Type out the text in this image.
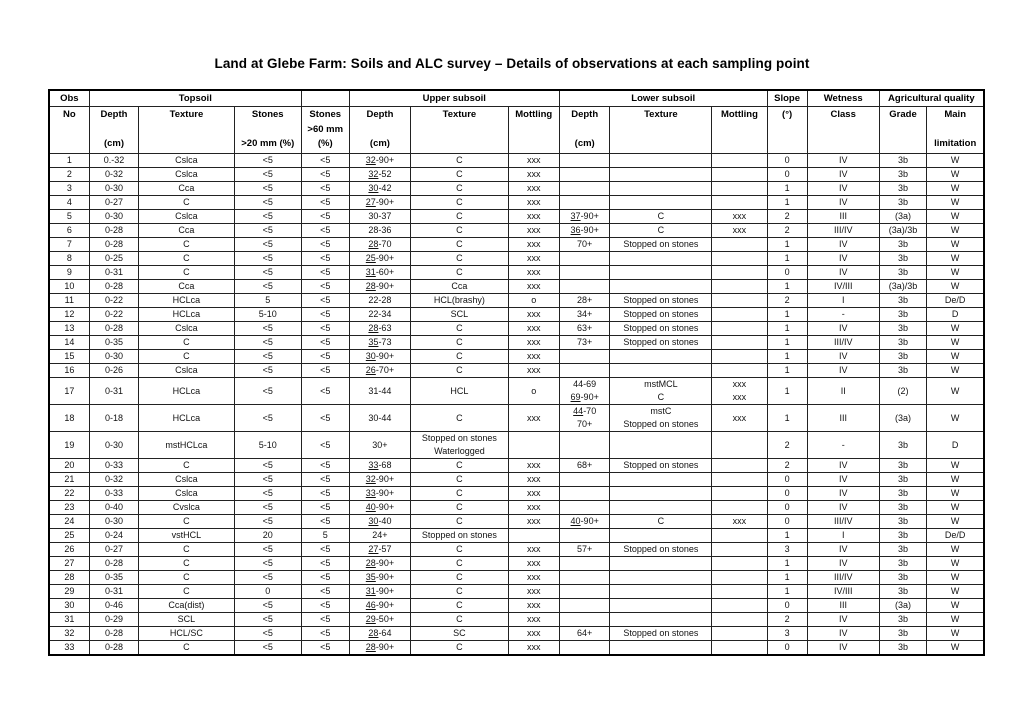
Land at Glebe Farm: Soils and ALC survey – Details of observations at each sampling point
Obs	Topsoil				Upper subsoil			Lower subsoil			Slope	Wetness	Agricultural quality	
No	Depth

(cm)	Texture	Stones

>20 mm (%)	Stones
>60 mm
(%)	Depth

(cm)	Texture	Mottling	Depth

(cm)	Texture	Mottling	(°)	Class	Grade	Main

limitation
1	0.-32	Cslca	<5	<5	32-90+	C	xxx				0	IV	3b	W
2	0-32	Cslca	<5	<5	32-52	C	xxx				0	IV	3b	W
3	0-30	Cca	<5	<5	30-42	C	xxx				1	IV	3b	W
4	0-27	C	<5	<5	27-90+	C	xxx				1	IV	3b	W
5	0-30	Cslca	<5	<5	30-37	C	xxx	37-90+	C	xxx	2	III	(3a)	W
6	0-28	Cca	<5	<5	28-36	C	xxx	36-90+	C	xxx	2	III/IV	(3a)/3b	W
7	0-28	C	<5	<5	28-70	C	xxx	70+	Stopped on stones		1	IV	3b	W
8	0-25	C	<5	<5	25-90+	C	xxx				1	IV	3b	W
9	0-31	C	<5	<5	31-60+	C	xxx				0	IV	3b	W
10	0-28	Cca	<5	<5	28-90+	Cca	xxx				1	IV/III	(3a)/3b	W
11	0-22	HCLca	5	<5	22-28	HCL(brashy)	o	28+	Stopped on stones		2	I	3b	De/D
12	0-22	HCLca	5-10	<5	22-34	SCL	xxx	34+	Stopped on stones		1	-	3b	D
13	0-28	Cslca	<5	<5	28-63	C	xxx	63+	Stopped on stones		1	IV	3b	W
14	0-35	C	<5	<5	35-73	C	xxx	73+	Stopped on stones		1	III/IV	3b	W
15	0-30	C	<5	<5	30-90+	C	xxx				1	IV	3b	W
16	0-26	Cslca	<5	<5	26-70+	C	xxx				1	IV	3b	W
17	0-31	HCLca	<5	<5	31-44	HCL	o	44-69
69-90+	mstMCL
C	xxx
xxx	1	II	(2)	W
18	0-18	HCLca	<5	<5	30-44	C	xxx	44-70
70+	mstC
Stopped on stones	xxx	1	III	(3a)	W
19	0-30	mstHCLca	5-10	<5	30+	Stopped on stones
Waterlogged					2	-	3b	D
20	0-33	C	<5	<5	33-68	C	xxx	68+	Stopped on stones		2	IV	3b	W
21	0-32	Cslca	<5	<5	32-90+	C	xxx				0	IV	3b	W
22	0-33	Cslca	<5	<5	33-90+	C	xxx				0	IV	3b	W
23	0-40	Cvslca	<5	<5	40-90+	C	xxx				0	IV	3b	W
24	0-30	C	<5	<5	30-40	C	xxx	40-90+	C	xxx	0	III/IV	3b	W
25	0-24	vstHCL	20	5	24+	Stopped on stones					1	I	3b	De/D
26	0-27	C	<5	<5	27-57	C	xxx	57+	Stopped on stones		3	IV	3b	W
27	0-28	C	<5	<5	28-90+	C	xxx				1	IV	3b	W
28	0-35	C	<5	<5	35-90+	C	xxx				1	III/IV	3b	W
29	0-31	C	0	<5	31-90+	C	xxx				1	IV/III	3b	W
30	0-46	Cca(dist)	<5	<5	46-90+	C	xxx				0	III	(3a)	W
31	0-29	SCL	<5	<5	29-50+	C	xxx				2	IV	3b	W
32	0-28	HCL/SC	<5	<5	28-64	SC	xxx	64+	Stopped on stones		3	IV	3b	W
33	0-28	C	<5	<5	28-90+	C	xxx				0	IV	3b	W
